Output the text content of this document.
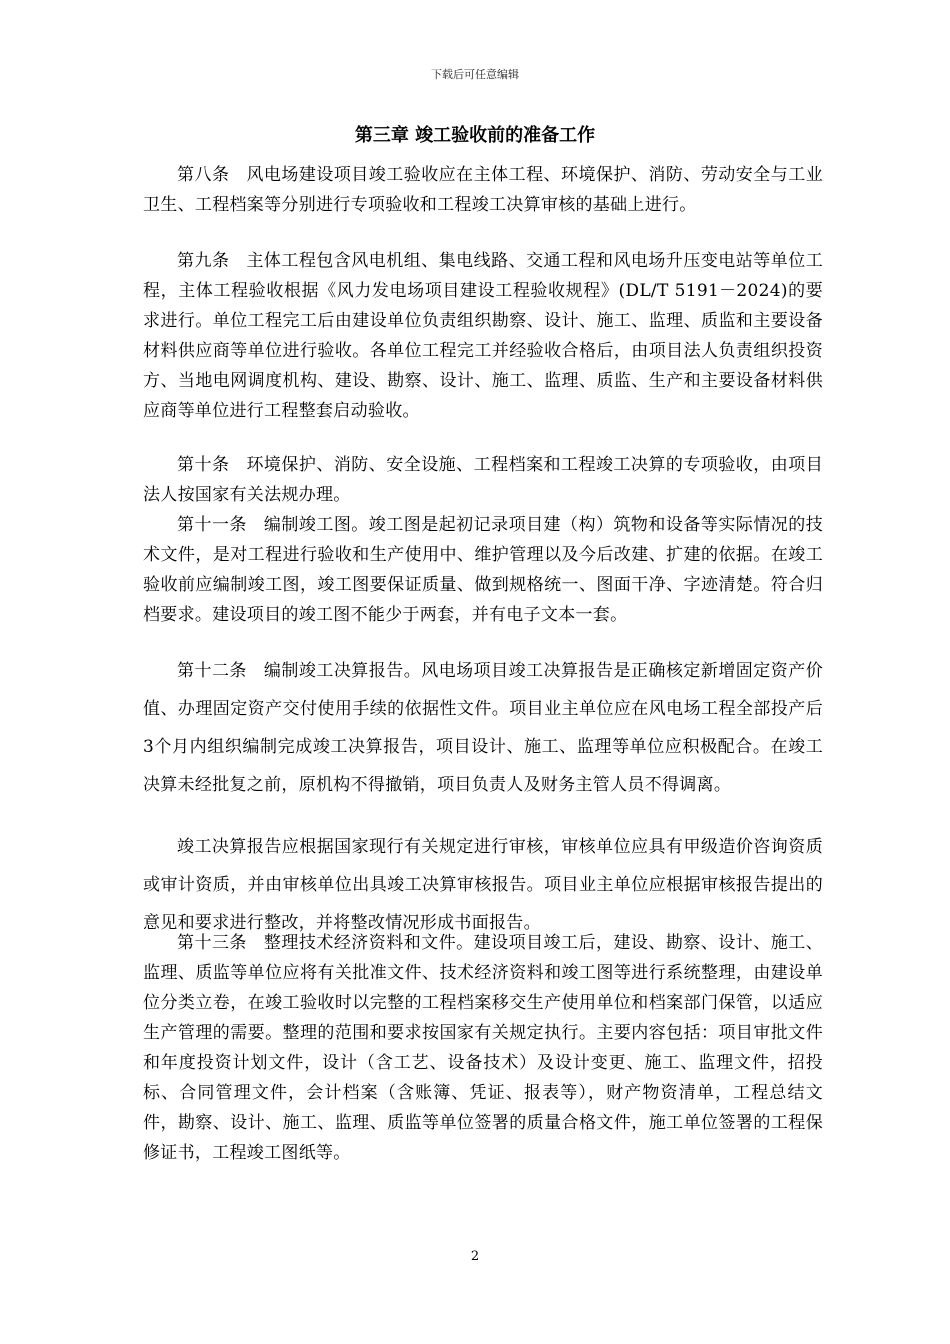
下载后可任意编辑
第三章 竣工验收前的准备工作

第八条 风电场建设项目竣工验收应在主体工程、环境保护、消防、劳动安全与工业卫生、工程档案等分别进行专项验收和工程竣工决算审核的基础上进行。

第九条 主体工程包含风电机组、集电线路、交通工程和风电场升压变电站等单位工程，主体工程验收根据《风力发电场项目建设工程验收规程》(DL/T 5191－2024)的要求进行。单位工程完工后由建设单位负责组织勘察、设计、施工、监理、质监和主要设备材料供应商等单位进行验收。各单位工程完工并经验收合格后，由项目法人负责组织投资方、当地电网调度机构、建设、勘察、设计、施工、监理、质监、生产和主要设备材料供应商等单位进行工程整套启动验收。

第十条 环境保护、消防、安全设施、工程档案和工程竣工决算的专项验收，由项目法人按国家有关法规办理。

第十一条 编制竣工图。竣工图是起初记录项目建（构）筑物和设备等实际情况的技术文件，是对工程进行验收和生产使用中、维护管理以及今后改建、扩建的依据。在竣工验收前应编制竣工图，竣工图要保证质量、做到规格统一、图面干净、字迹清楚。符合归档要求。建设项目的竣工图不能少于两套，并有电子文本一套。

第十二条 编制竣工决算报告。风电场项目竣工决算报告是正确核定新增固定资产价值、办理固定资产交付使用手续的依据性文件。项目业主单位应在风电场工程全部投产后3个月内组织编制完成竣工决算报告，项目设计、施工、监理等单位应积极配合。在竣工决算未经批复之前，原机构不得撤销，项目负责人及财务主管人员不得调离。

竣工决算报告应根据国家现行有关规定进行审核，审核单位应具有甲级造价咨询资质或审计资质，并由审核单位出具竣工决算审核报告。项目业主单位应根据审核报告提出的意见和要求进行整改，并将整改情况形成书面报告。

第十三条 整理技术经济资料和文件。建设项目竣工后，建设、勘察、设计、施工、监理、质监等单位应将有关批准文件、技术经济资料和竣工图等进行系统整理，由建设单位分类立卷，在竣工验收时以完整的工程档案移交生产使用单位和档案部门保管，以适应生产管理的需要。整理的范围和要求按国家有关规定执行。主要内容包括：项目审批文件和年度投资计划文件，设计（含工艺、设备技术）及设计变更、施工、监理文件，招投标、合同管理文件，会计档案（含账簿、凭证、报表等），财产物资清单，工程总结文件，勘察、设计、施工、监理、质监等单位签署的质量合格文件，施工单位签署的工程保修证书，工程竣工图纸等。

2
